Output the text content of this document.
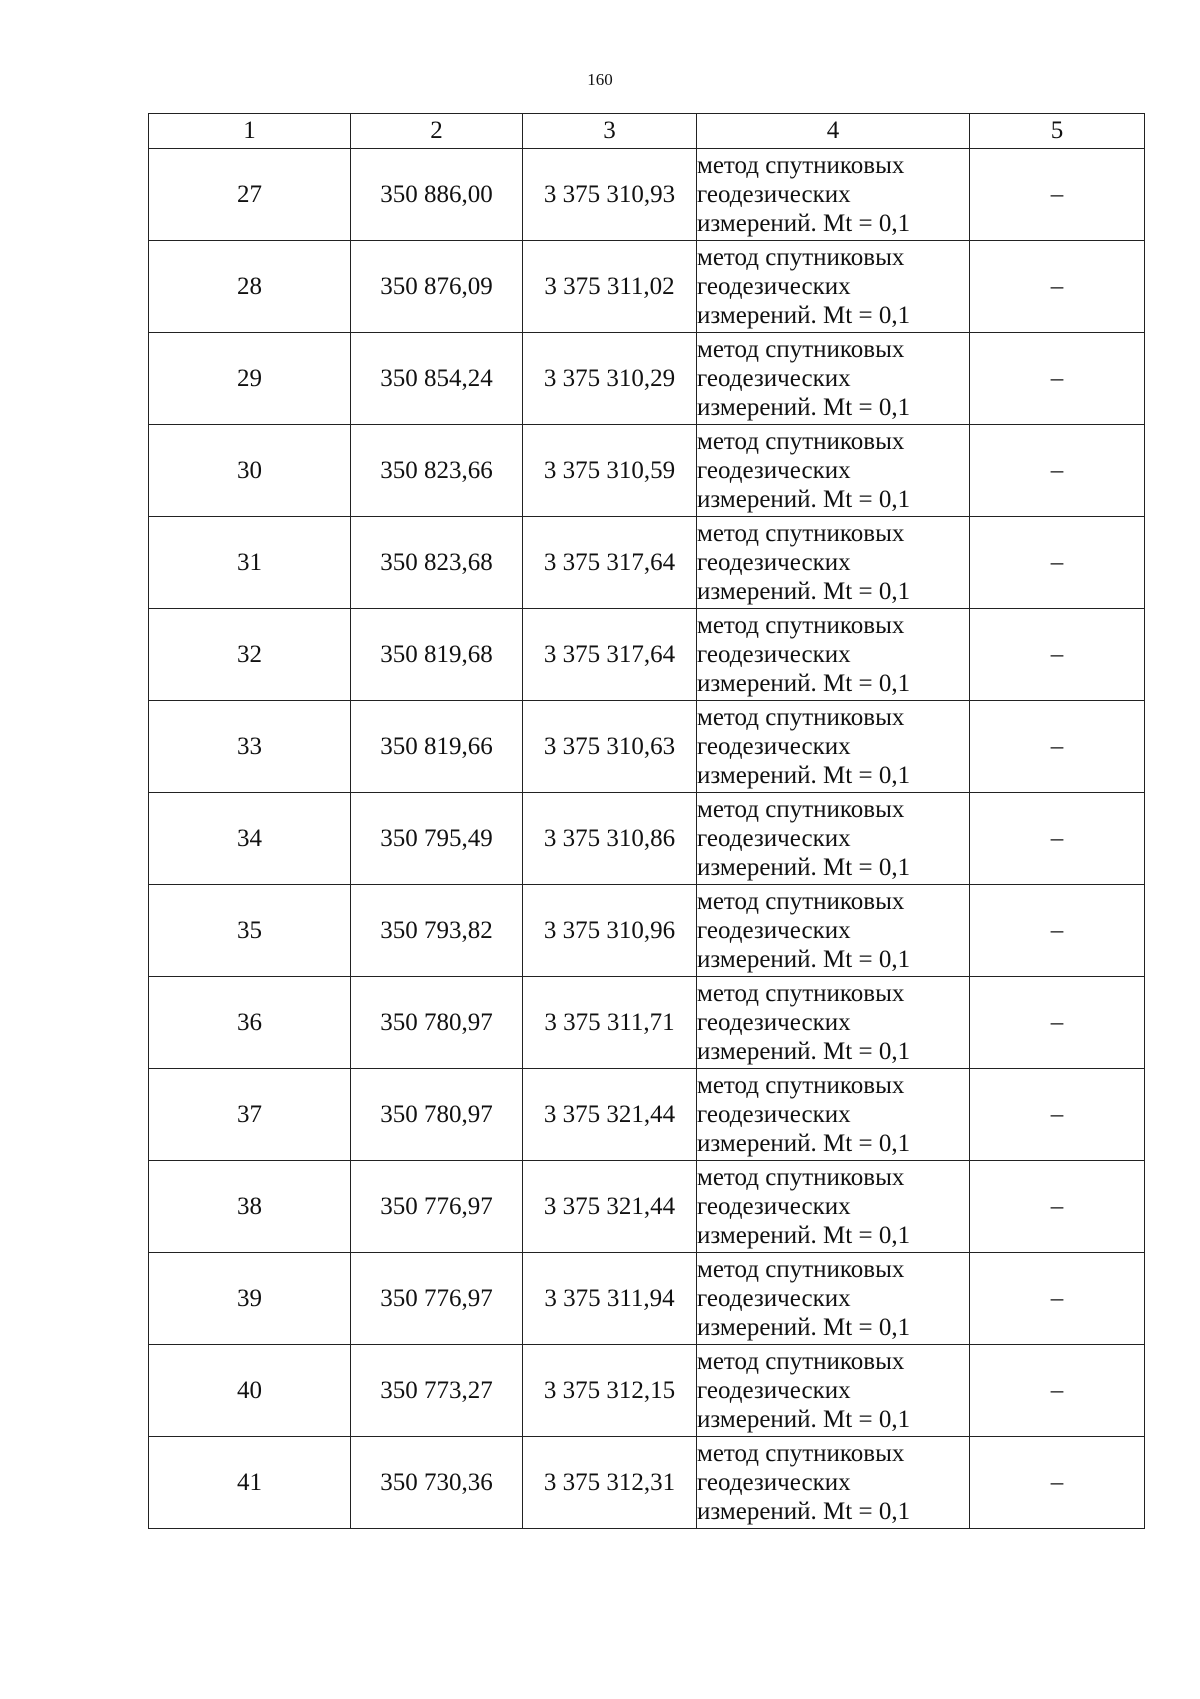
160
1	2	3	4	5
27	350 886,00	3 375 310,93	метод спутниковых
геодезических
измерений. Mt = 0,1	–
28	350 876,09	3 375 311,02	метод спутниковых
геодезических
измерений. Mt = 0,1	–
29	350 854,24	3 375 310,29	метод спутниковых
геодезических
измерений. Mt = 0,1	–
30	350 823,66	3 375 310,59	метод спутниковых
геодезических
измерений. Mt = 0,1	–
31	350 823,68	3 375 317,64	метод спутниковых
геодезических
измерений. Mt = 0,1	–
32	350 819,68	3 375 317,64	метод спутниковых
геодезических
измерений. Mt = 0,1	–
33	350 819,66	3 375 310,63	метод спутниковых
геодезических
измерений. Mt = 0,1	–
34	350 795,49	3 375 310,86	метод спутниковых
геодезических
измерений. Mt = 0,1	–
35	350 793,82	3 375 310,96	метод спутниковых
геодезических
измерений. Mt = 0,1	–
36	350 780,97	3 375 311,71	метод спутниковых
геодезических
измерений. Mt = 0,1	–
37	350 780,97	3 375 321,44	метод спутниковых
геодезических
измерений. Mt = 0,1	–
38	350 776,97	3 375 321,44	метод спутниковых
геодезических
измерений. Mt = 0,1	–
39	350 776,97	3 375 311,94	метод спутниковых
геодезических
измерений. Mt = 0,1	–
40	350 773,27	3 375 312,15	метод спутниковых
геодезических
измерений. Mt = 0,1	–
41	350 730,36	3 375 312,31	метод спутниковых
геодезических
измерений. Mt = 0,1	–
